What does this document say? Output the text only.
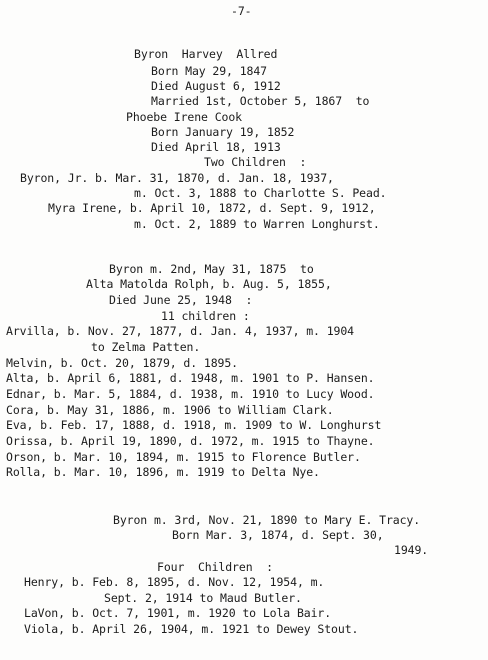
-7-
Byron  Harvey  Allred
Born May 29, 1847
Died August 6, 1912
Married 1st, October 5, 1867  to
Phoebe Irene Cook
Born January 19, 1852
Died April 18, 1913
Two Children  :
Byron, Jr. b. Mar. 31, 1870, d. Jan. 18, 1937,
m. Oct. 3, 1888 to Charlotte S. Pead.
Myra Irene, b. April 10, 1872, d. Sept. 9, 1912,
m. Oct. 2, 1889 to Warren Longhurst.
.....
Byron m. 2nd, May 31, 1875  to
Alta Matolda Rolph, b. Aug. 5, 1855,
Died June 25, 1948  :
11 children :
Arvilla, b. Nov. 27, 1877, d. Jan. 4, 1937, m. 1904
to Zelma Patten.
Melvin, b. Oct. 20, 1879, d. 1895.
Alta, b. April 6, 1881, d. 1948, m. 1901 to P. Hansen.
Ednar, b. Mar. 5, 1884, d. 1938, m. 1910 to Lucy Wood.
Cora, b. May 31, 1886, m. 1906 to William Clark.
Eva, b. Feb. 17, 1888, d. 1918, m. 1909 to W. Longhurst
Orissa, b. April 19, 1890, d. 1972, m. 1915 to Thayne.
Orson, b. Mar. 10, 1894, m. 1915 to Florence Butler.
Rolla, b. Mar. 10, 1896, m. 1919 to Delta Nye.
Byron m. 3rd, Nov. 21, 1890 to Mary E. Tracy.
Born Mar. 3, 1874, d. Sept. 30,
1949.
Four  Children  :
Henry, b. Feb. 8, 1895, d. Nov. 12, 1954, m.
Sept. 2, 1914 to Maud Butler.
LaVon, b. Oct. 7, 1901, m. 1920 to Lola Bair.
Viola, b. April 26, 1904, m. 1921 to Dewey Stout.
.....
